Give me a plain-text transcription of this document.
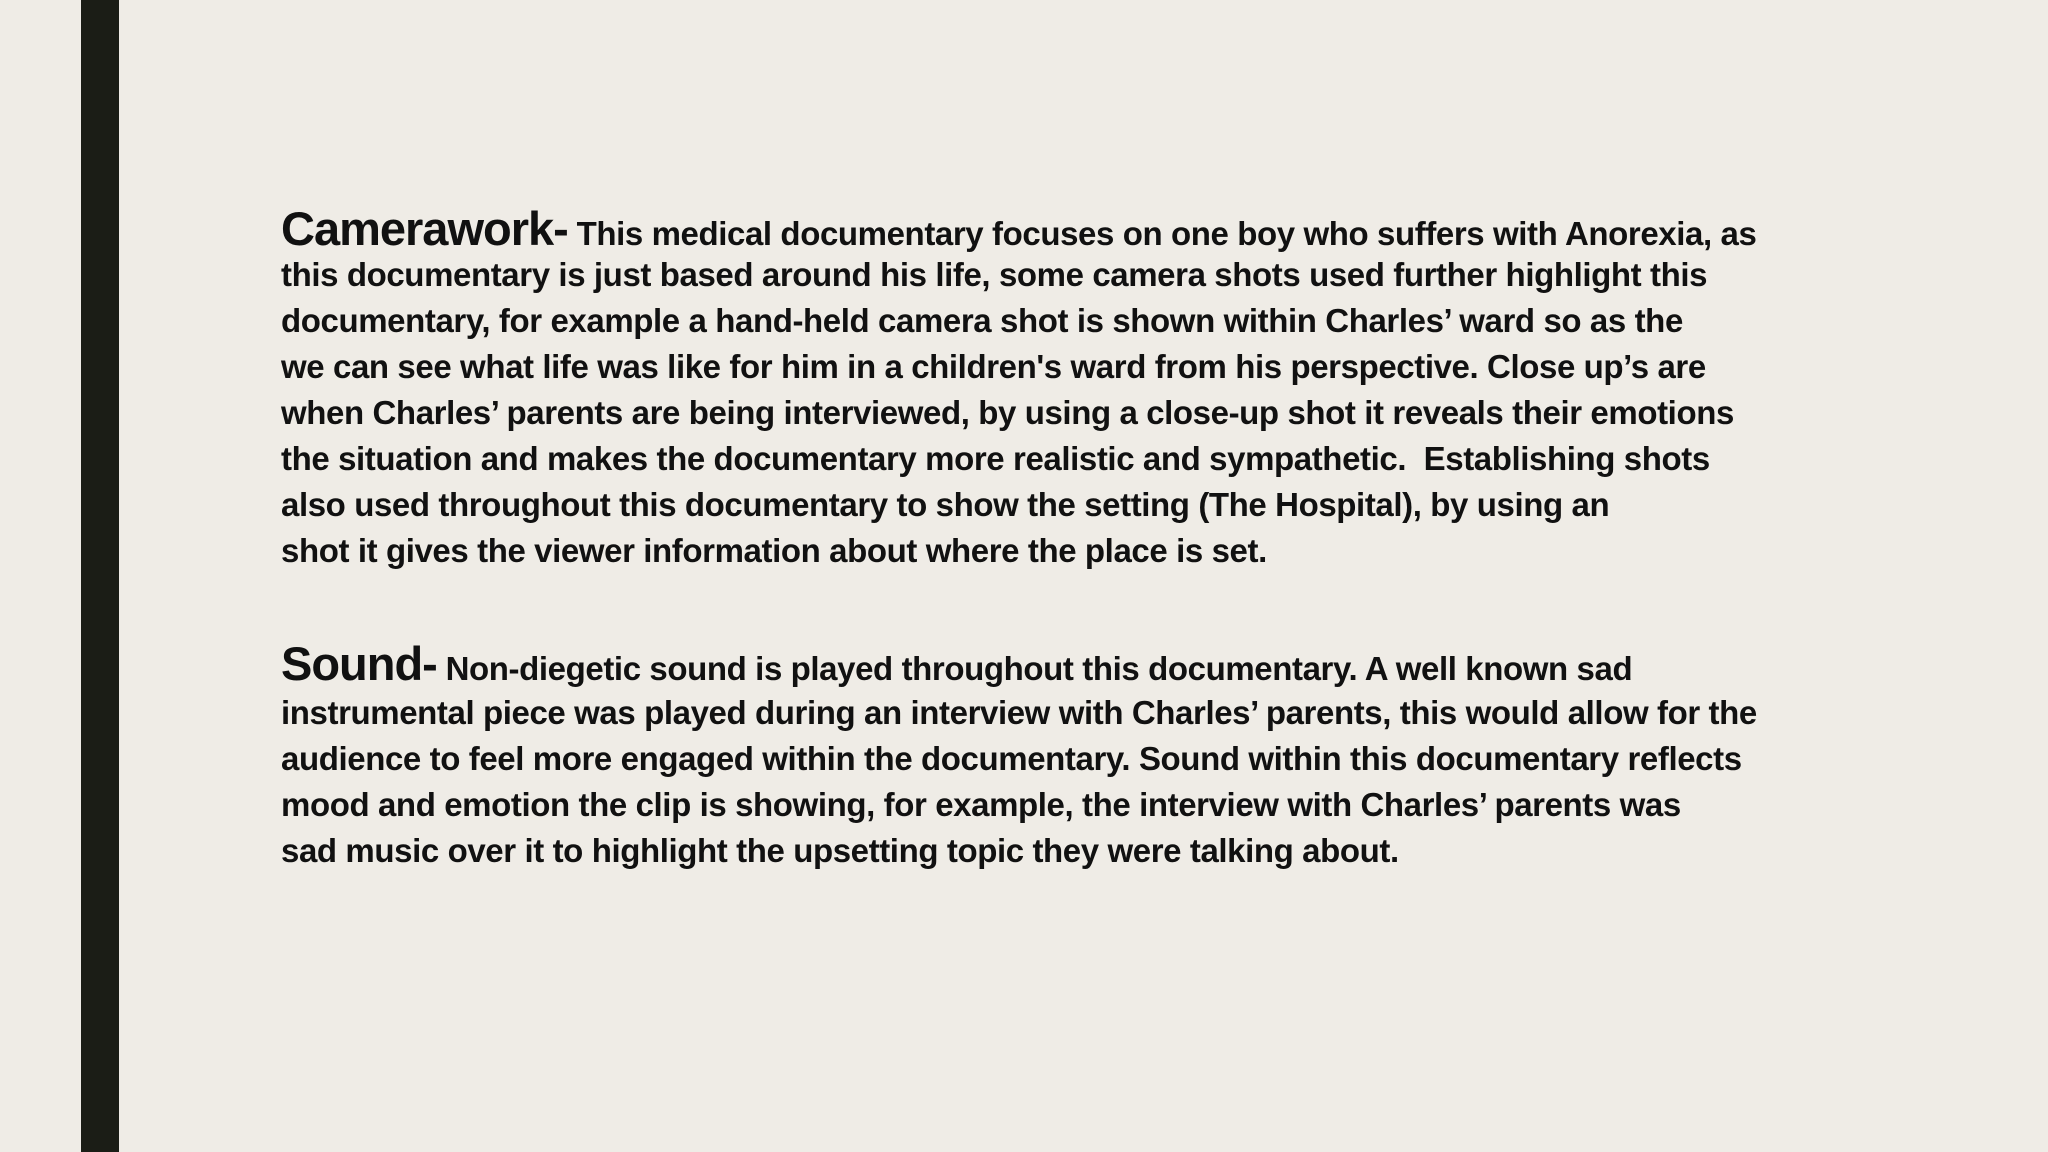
Camerawork- This medical documentary focuses on one boy who suffers with Anorexia, as
this documentary is just based around his life, some camera shots used further highlight this
documentary, for example a hand-held camera shot is shown within Charles’ ward so as the
we can see what life was like for him in a children's ward from his perspective. Close up’s are
when Charles’ parents are being interviewed, by using a close-up shot it reveals their emotions
the situation and makes the documentary more realistic and sympathetic.  Establishing shots
also used throughout this documentary to show the setting (The Hospital), by using an
shot it gives the viewer information about where the place is set.
Sound- Non-diegetic sound is played throughout this documentary. A well known sad
instrumental piece was played during an interview with Charles’ parents, this would allow for the
audience to feel more engaged within the documentary. Sound within this documentary reflects
mood and emotion the clip is showing, for example, the interview with Charles’ parents was
sad music over it to highlight the upsetting topic they were talking about.
